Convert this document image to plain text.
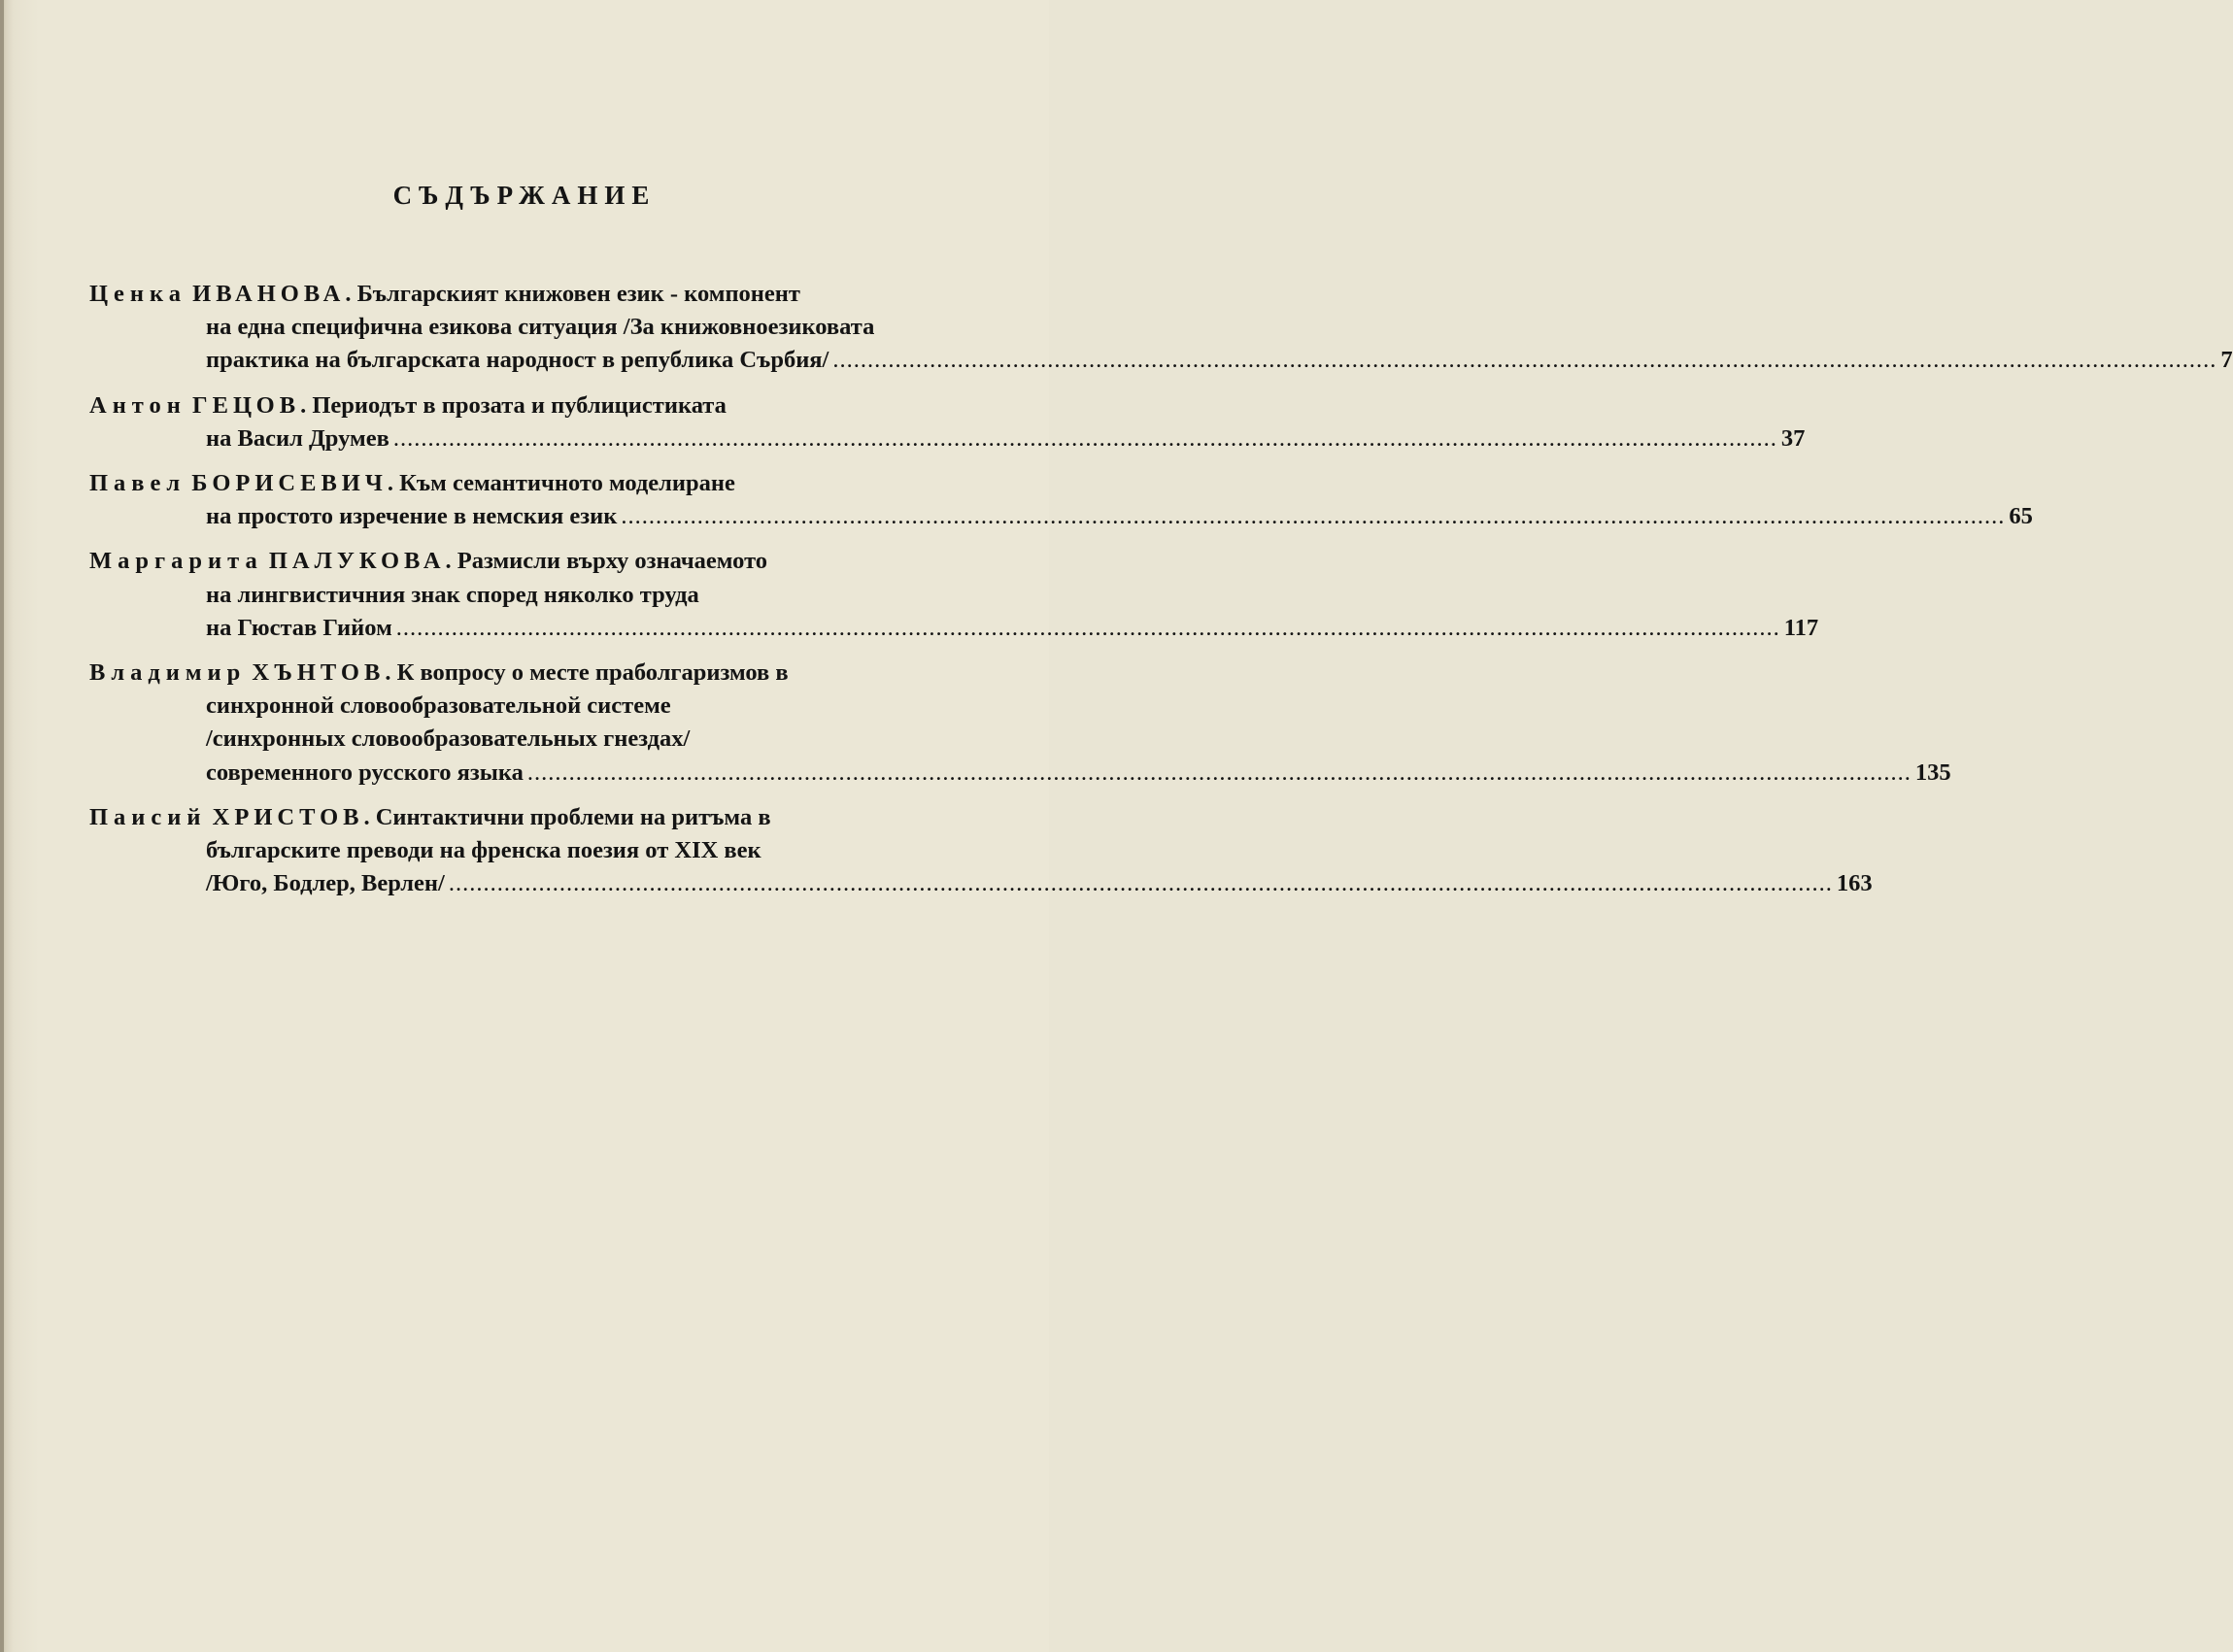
СЪДЪРЖАНИЕ
Ценка ИВАНОВА. Българският книжовен език - компонент
на една специфична езикова ситуация /За книжовноезиковата
практика на българската народност в република Сърбия/ ........................................................................................................................................................................................................ 7
Антон ГЕЦОВ. Периодът в прозата и публицистиката
на Васил Друмев ........................................................................................................................................................................................................ 37
Павел БОРИСЕВИЧ. Към семантичното моделиране
на простото изречение в немския език ........................................................................................................................................................................................................ 65
Маргарита ПАЛУКОВА. Размисли върху означаемото
на лингвистичния знак според няколко труда
на Гюстав Гийом ........................................................................................................................................................................................................ 117
Владимир ХЪНТОВ. К вопросу о месте праболгаризмов в
синхронной словообразовательной системе
/синхронных словообразовательных гнездах/
современного русского языка ........................................................................................................................................................................................................ 135
Паисий ХРИСТОВ. Синтактични проблеми на ритъма в
българските преводи на френска поезия от XIX век
/Юго, Бодлер, Верлен/ ........................................................................................................................................................................................................ 163
